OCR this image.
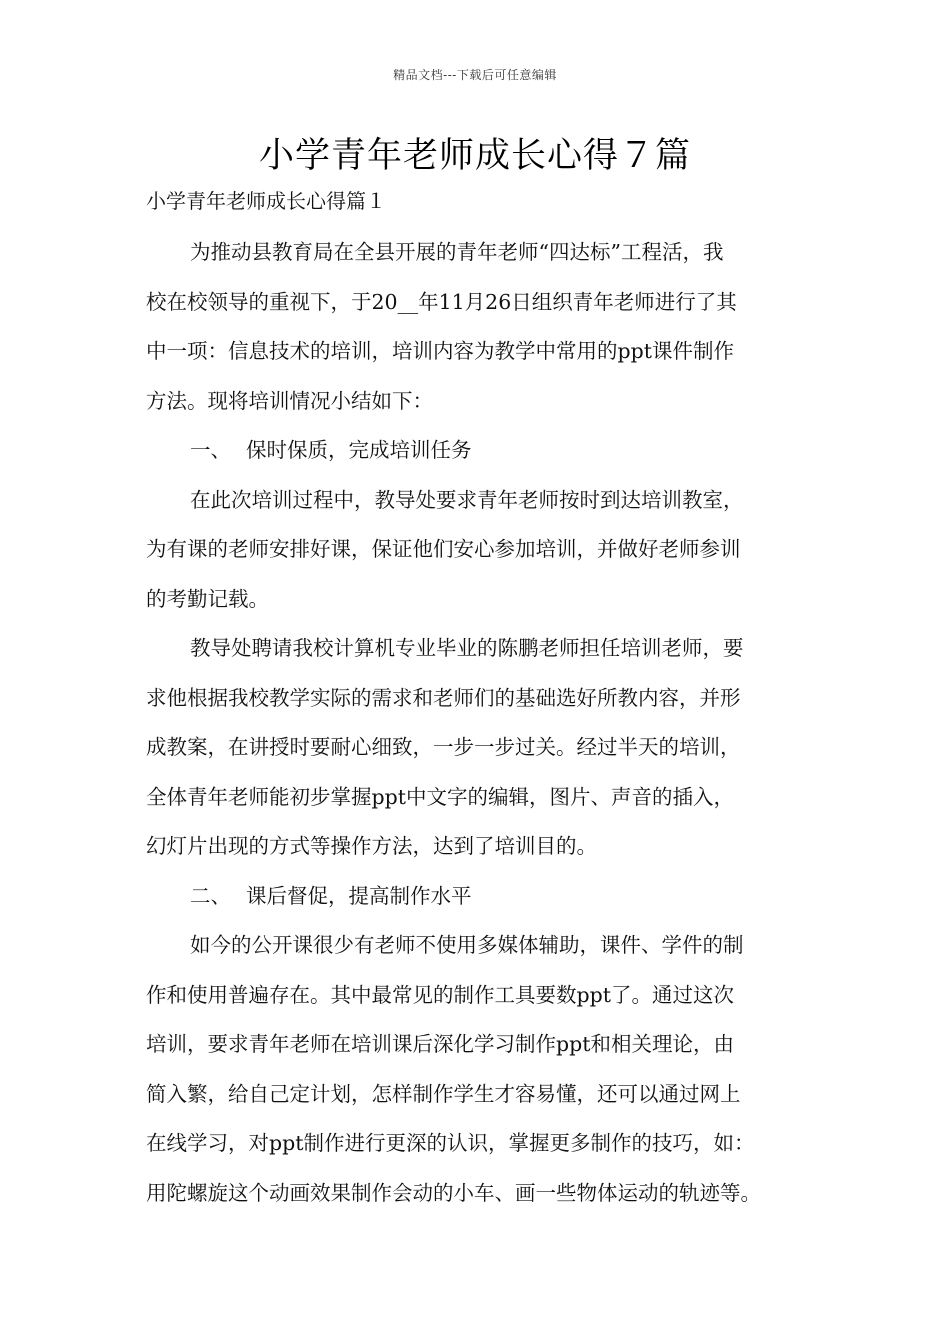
精品文档---下载后可任意编辑
小学青年老师成长心得７篇

小学青年老师成长心得篇１

为推动县教育局在全县开展的青年老师“四达标”工程活，我
校在校领导的重视下，于20__年11月26日组织青年老师进行了其
中一项：信息技术的培训，培训内容为教学中常用的ppt课件制作
方法。现将培训情况小结如下：
一、 保时保质，完成培训任务
在此次培训过程中，教导处要求青年老师按时到达培训教室，
为有课的老师安排好课，保证他们安心参加培训，并做好老师参训
的考勤记载。
教导处聘请我校计算机专业毕业的陈鹏老师担任培训老师，要
求他根据我校教学实际的需求和老师们的基础选好所教内容，并形
成教案，在讲授时要耐心细致，一步一步过关。经过半天的培训，
全体青年老师能初步掌握ppt中文字的编辑，图片、声音的插入，
幻灯片出现的方式等操作方法，达到了培训目的。
二、 课后督促，提高制作水平
如今的公开课很少有老师不使用多媒体辅助，课件、学件的制
作和使用普遍存在。其中最常见的制作工具要数ppt了。通过这次
培训，要求青年老师在培训课后深化学习制作ppt和相关理论，由
简入繁，给自己定计划，怎样制作学生才容易懂，还可以通过网上
在线学习，对ppt制作进行更深的认识，掌握更多制作的技巧，如：
用陀螺旋这个动画效果制作会动的小车、画一些物体运动的轨迹等。
